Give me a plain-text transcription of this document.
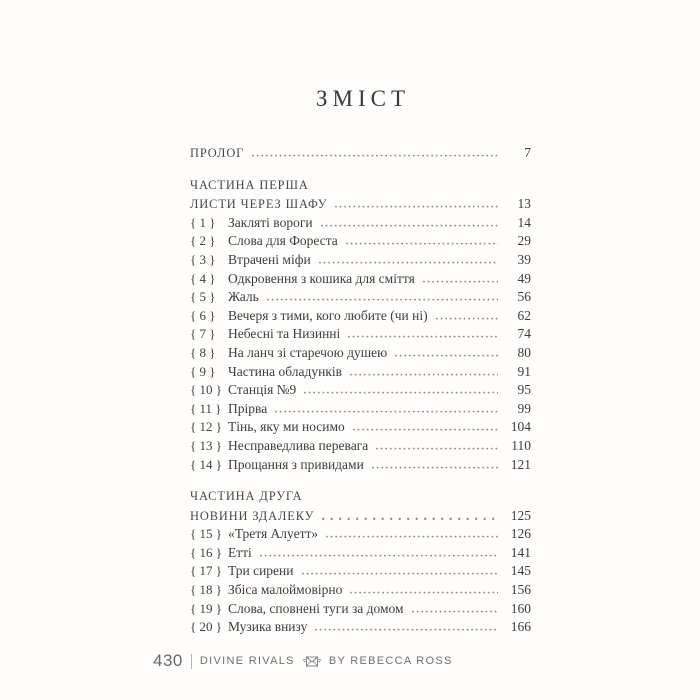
ЗМІСТ
ПРОЛОГ	7
ЧАСТИНА ПЕРША
ЛИСТИ ЧЕРЕЗ ШАФУ	13
{ 1 } Закляті вороги	14
{ 2 } Слова для Фореста	29
{ 3 } Втрачені міфи	39
{ 4 } Одкровення з кошика для сміття	49
{ 5 } Жаль	56
{ 6 } Вечеря з тими, кого любите (чи ні)	62
{ 7 } Небесні та Низинні	74
{ 8 } На ланч зі старечою душею	80
{ 9 } Частина обладунків	91
{ 10 } Станція №9	95
{ 11 } Прірва	99
{ 12 } Тінь, яку ми носимо	104
{ 13 } Несправедлива перевага	110
{ 14 } Прощання з привидами	121
ЧАСТИНА ДРУГА
НОВИНИ ЗДАЛЕКУ	125
{ 15 } «Третя Алуетт»	126
{ 16 } Етті	141
{ 17 } Три сирени	145
{ 18 } Збіса малоймовірно	156
{ 19 } Слова, сповнені туги за домом	160
{ 20 } Музика внизу	166
430 DIVINE RIVALS	BY REBECCA ROSS
